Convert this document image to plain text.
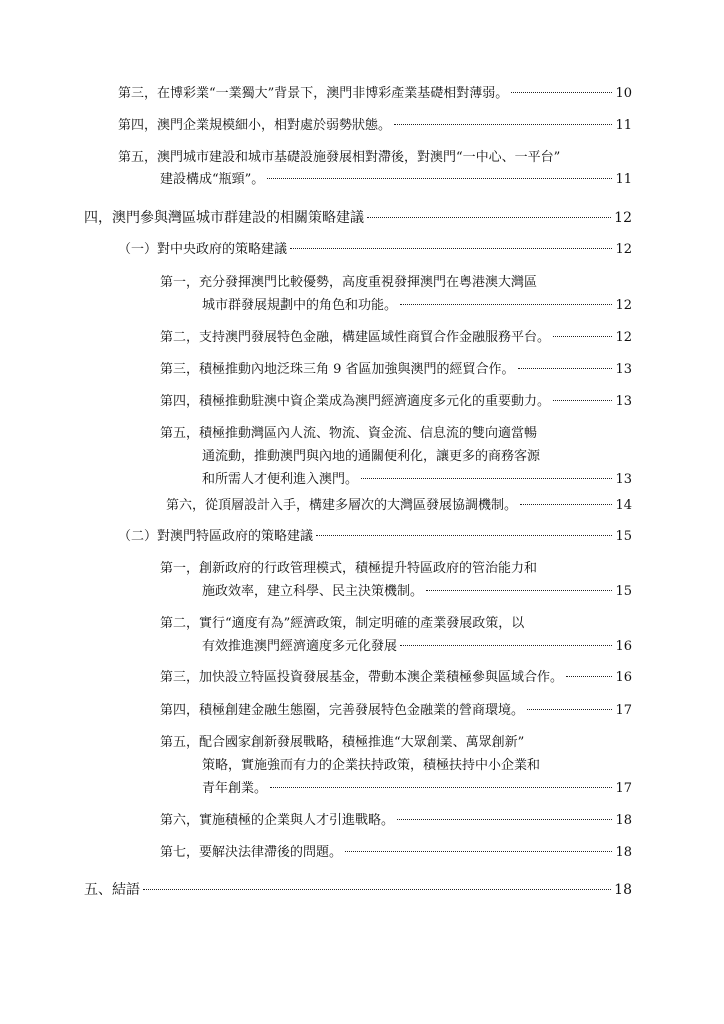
第三，在博彩業“一業獨大”背景下，澳門非博彩產業基礎相對薄弱。	10
第四，澳門企業規模細小，相對處於弱勢狀態。	11
第五，澳門城市建設和城市基礎設施發展相對滯後，對澳門“一中心、一平台”
建設構成“瓶頸”。	11
四，澳門參與灣區城市群建設的相關策略建議	12
（一）對中央政府的策略建議	12
第一，充分發揮澳門比較優勢，高度重視發揮澳門在粵港澳大灣區
城市群發展規劃中的角色和功能。	12
第二，支持澳門發展特色金融，構建區域性商貿合作金融服務平台。	12
第三，積極推動內地泛珠三角 9 省區加強與澳門的經貿合作。	13
第四，積極推動駐澳中資企業成為澳門經濟適度多元化的重要動力。	13
第五，積極推動灣區內人流、物流、資金流、信息流的雙向適當暢
通流動，推動澳門與內地的通關便利化，讓更多的商務客源
和所需人才便利進入澳門。	13
第六，從頂層設計入手，構建多層次的大灣區發展協調機制。	14
（二）對澳門特區政府的策略建議	15
第一，創新政府的行政管理模式，積極提升特區政府的管治能力和
施政效率，建立科學、民主決策機制。	15
第二，實行“適度有為”經濟政策，制定明確的產業發展政策，以
有效推進澳門經濟適度多元化發展	16
第三，加快設立特區投資發展基金，帶動本澳企業積極參與區域合作。	16
第四，積極創建金融生態圈，完善發展特色金融業的營商環境。	17
第五，配合國家創新發展戰略，積極推進“大眾創業、萬眾創新”
策略，實施強而有力的企業扶持政策，積極扶持中小企業和
青年創業。	17
第六，實施積極的企業與人才引進戰略。	18
第七，要解決法律滯後的問題。	18
五、結語	18
